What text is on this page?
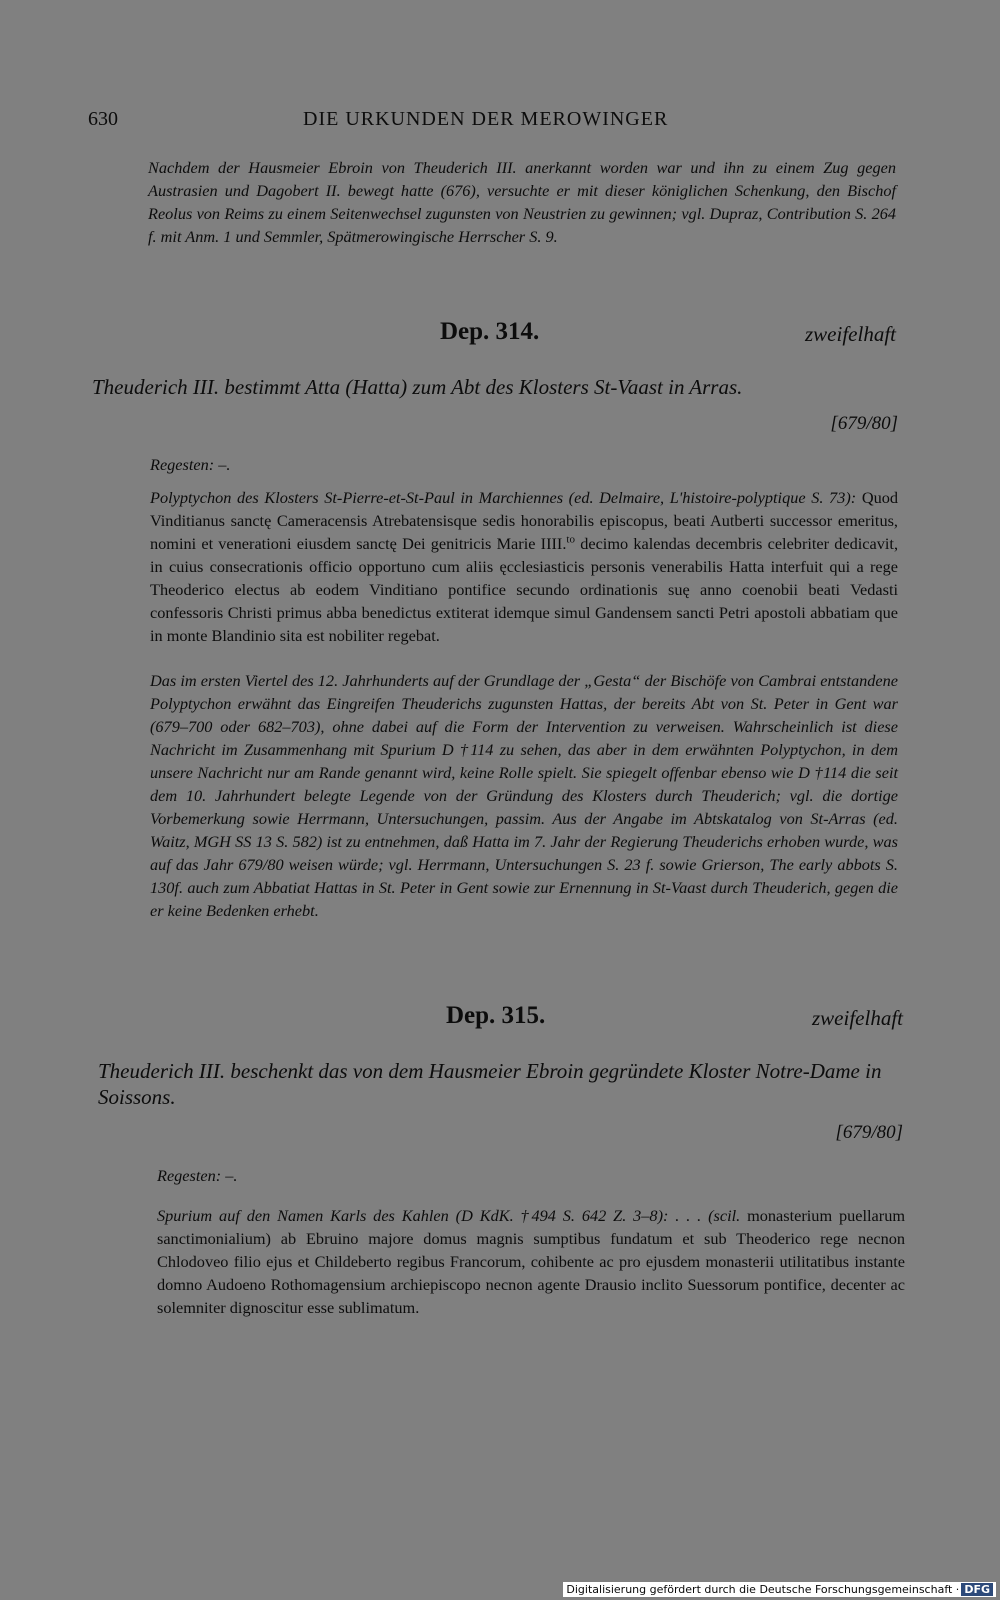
630	DIE URKUNDEN DER MEROWINGER
Nachdem der Hausmeier Ebroin von Theuderich III. anerkannt worden war und ihn zu einem Zug gegen Austrasien und Dagobert II. bewegt hatte (676), versuchte er mit dieser königlichen Schenkung, den Bischof Reolus von Reims zu einem Seitenwechsel zugunsten von Neustrien zu gewinnen; vgl. Dupraz, Contribution S. 264 f. mit Anm. 1 und Semmler, Spätmerowingische Herrscher S. 9.
Dep. 314.	zweifelhaft
Theuderich III. bestimmt Atta (Hatta) zum Abt des Klosters St-Vaast in Arras.
[679/80]
Regesten: –.
Polyptychon des Klosters St-Pierre-et-St-Paul in Marchiennes (ed. Delmaire, L'histoire-polyptique S. 73): Quod Vinditianus sanctę Cameracensis Atrebatensisque sedis honorabilis episcopus, beati Autberti successor emeritus, nomini et venerationi eiusdem sanctę Dei genitricis Marie IIII.$^{to}$ decimo kalendas decembris celebriter dedicavit, in cuius consecrationis officio opportuno cum aliis ęcclesiasticis personis venerabilis Hatta interfuit qui a rege Theoderico electus ab eodem Vinditiano pontifice secundo ordinationis suę anno coenobii beati Vedasti confessoris Christi primus abba benedictus extiterat idemque simul Gandensem sancti Petri apostoli abbatiam que in monte Blandinio sita est nobiliter regebat.
Das im ersten Viertel des 12. Jahrhunderts auf der Grundlage der „Gesta“ der Bischöfe von Cambrai entstandene Polyptychon erwähnt das Eingreifen Theuderichs zugunsten Hattas, der bereits Abt von St. Peter in Gent war (679–700 oder 682–703), ohne dabei auf die Form der Intervention zu verweisen. Wahrscheinlich ist diese Nachricht im Zusammenhang mit Spurium D †114 zu sehen, das aber in dem erwähnten Polyptychon, in dem unsere Nachricht nur am Rande genannt wird, keine Rolle spielt. Sie spiegelt offenbar ebenso wie D †114 die seit dem 10. Jahrhundert belegte Legende von der Gründung des Klosters durch Theuderich; vgl. die dortige Vorbemerkung sowie Herrmann, Untersuchungen, passim. Aus der Angabe im Abtskatalog von St-Arras (ed. Waitz, MGH SS 13 S. 582) ist zu entnehmen, daß Hatta im 7. Jahr der Regierung Theuderichs erhoben wurde, was auf das Jahr 679/80 weisen würde; vgl. Herrmann, Untersuchungen S. 23 f. sowie Grierson, The early abbots S. 130f. auch zum Abbatiat Hattas in St. Peter in Gent sowie zur Ernennung in St-Vaast durch Theuderich, gegen die er keine Bedenken erhebt.
Dep. 315.	zweifelhaft
Theuderich III. beschenkt das von dem Hausmeier Ebroin gegründete Kloster Notre-Dame in Soissons.
[679/80]
Regesten: –.
Spurium auf den Namen Karls des Kahlen (D KdK. †494 S. 642 Z. 3–8): . . . (scil. monasterium puellarum sanctimonialium) ab Ebruino majore domus magnis sumptibus fundatum et sub Theoderico rege necnon Chlodoveo filio ejus et Childeberto regibus Francorum, cohibente ac pro ejusdem monasterii utilitatibus instante domno Audoeno Rothomagensium archiepiscopo necnon agente Drausio inclito Suessorum pontifice, decenter ac solemniter dignoscitur esse sublimatum.
Digitalisierung gefördert durch die Deutsche Forschungsgemeinschaft · DFG
